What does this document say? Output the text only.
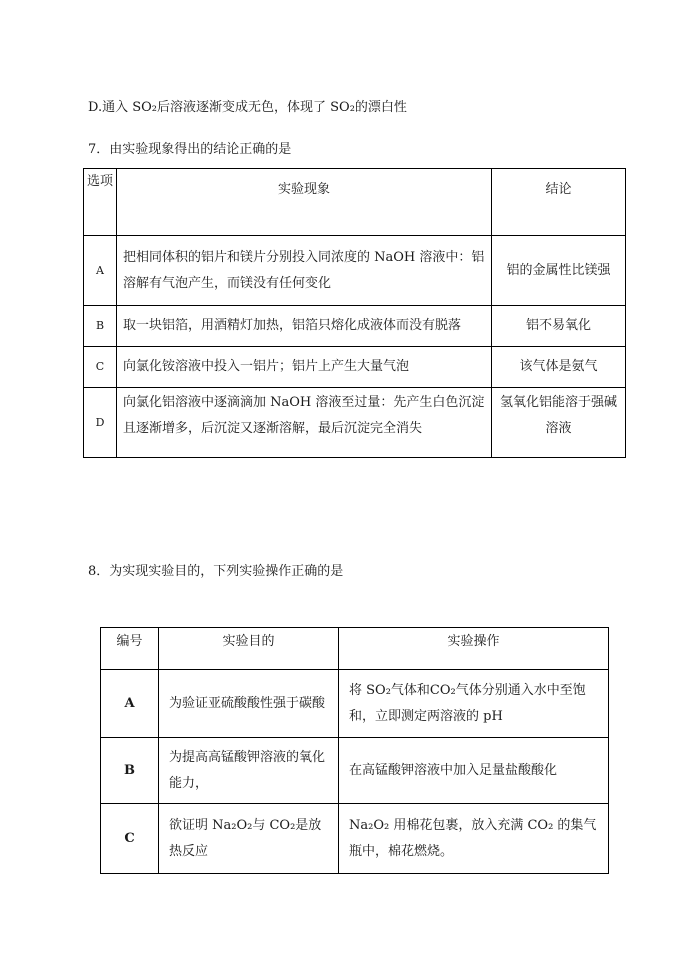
D.通入 SO₂后溶液逐渐变成无色，体现了 SO₂的漂白性
7．由实验现象得出的结论正确的是
选项	实验现象	结论
A	把相同体积的铝片和镁片分别投入同浓度的 NaOH 溶液中：铝溶解有气泡产生，而镁没有任何变化	铝的金属性比镁强
B	取一块铝箔，用酒精灯加热，铝箔只熔化成液体而没有脱落	铝不易氧化
C	向氯化铵溶液中投入一铝片；铝片上产生大量气泡	该气体是氨气
D	向氯化铝溶液中逐滴滴加 NaOH 溶液至过量：先产生白色沉淀且逐渐增多，后沉淀又逐渐溶解，最后沉淀完全消失	氢氧化铝能溶于强碱溶液
8．为实现实验目的，下列实验操作正确的是
编号	实验目的	实验操作
A	为验证亚硫酸酸性强于碳酸	将 SO₂气体和CO₂气体分别通入水中至饱和，立即测定两溶液的 pH
B	为提高高锰酸钾溶液的氧化能力，	在高锰酸钾溶液中加入足量盐酸酸化
C	欲证明 Na₂O₂与 CO₂是放热反应	Na₂O₂ 用棉花包裹，放入充满 CO₂ 的集气瓶中，棉花燃烧。
